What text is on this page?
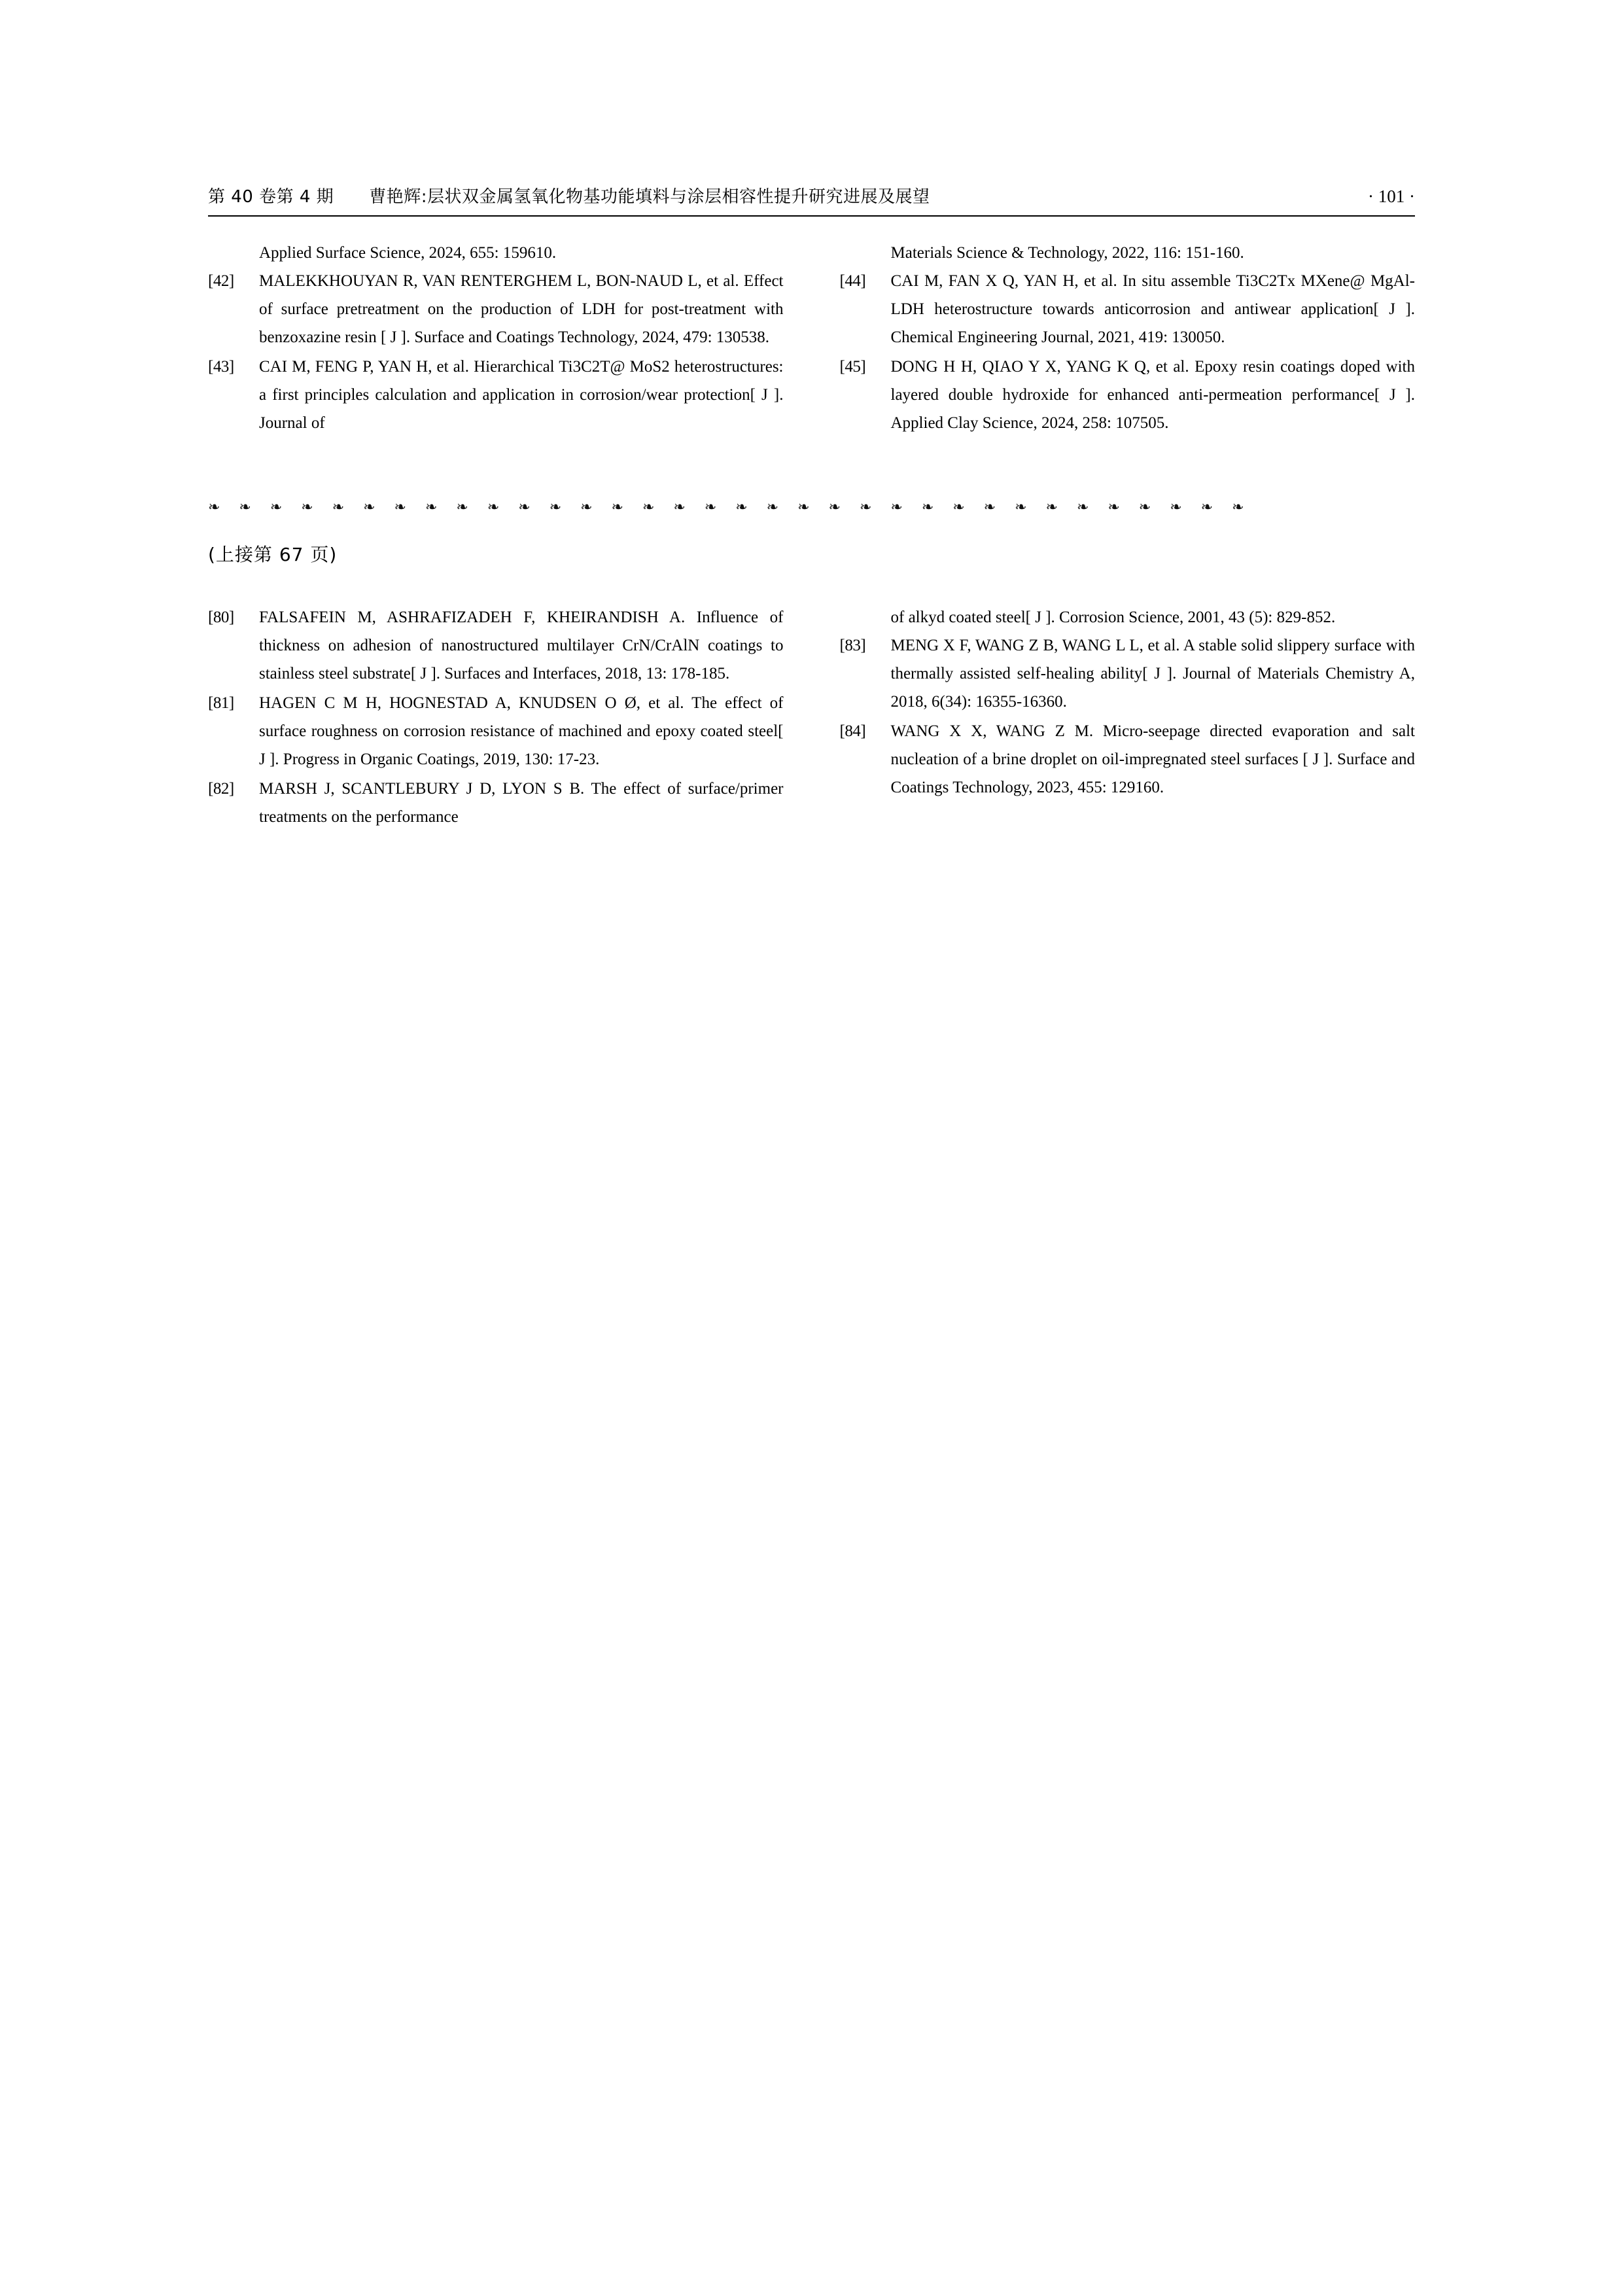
第 40 卷第 4 期 曹艳辉:层状双金属氢氧化物基功能填料与涂层相容性提升研究进展及展望	· 101 ·
Applied Surface Science, 2024, 655: 159610.
[42]	MALEKKHOUYAN R, VAN RENTERGHEM L, BON-NAUD L, et al. Effect of surface pretreatment on the production of LDH for post-treatment with benzoxazine resin [ J ]. Surface and Coatings Technology, 2024, 479: 130538.
[43]	CAI M, FENG P, YAN H, et al. Hierarchical Ti3C2T@ MoS2 heterostructures: a first principles calculation and application in corrosion/wear protection[ J ]. Journal of
Materials Science & Technology, 2022, 116: 151-160.
[44]	CAI M, FAN X Q, YAN H, et al. In situ assemble Ti3C2Tx MXene@ MgAl-LDH heterostructure towards anticorrosion and antiwear application[ J ]. Chemical Engineering Journal, 2021, 419: 130050.
[45]	DONG H H, QIAO Y X, YANG K Q, et al. Epoxy resin coatings doped with layered double hydroxide for enhanced anti-permeation performance[ J ]. Applied Clay Science, 2024, 258: 107505.
❧ ❧ ❧ ❧ ❧ ❧ ❧ ❧ ❧ ❧ ❧ ❧ ❧ ❧ ❧ ❧ ❧ ❧ ❧ ❧ ❧ ❧ ❧ ❧ ❧ ❧ ❧ ❧ ❧ ❧ ❧ ❧ ❧ ❧
(上接第 67 页)
[80]	FALSAFEIN M, ASHRAFIZADEH F, KHEIRANDISH A. Influence of thickness on adhesion of nanostructured multilayer CrN/CrAlN coatings to stainless steel substrate[ J ]. Surfaces and Interfaces, 2018, 13: 178-185.
[81]	HAGEN C M H, HOGNESTAD A, KNUDSEN O Ø, et al. The effect of surface roughness on corrosion resistance of machined and epoxy coated steel[ J ]. Progress in Organic Coatings, 2019, 130: 17-23.
[82]	MARSH J, SCANTLEBURY J D, LYON S B. The effect of surface/primer treatments on the performance
of alkyd coated steel[ J ]. Corrosion Science, 2001, 43 (5): 829-852.
[83]	MENG X F, WANG Z B, WANG L L, et al. A stable solid slippery surface with thermally assisted self-healing ability[ J ]. Journal of Materials Chemistry A, 2018, 6(34): 16355-16360.
[84]	WANG X X, WANG Z M. Micro-seepage directed evaporation and salt nucleation of a brine droplet on oil-impregnated steel surfaces [ J ]. Surface and Coatings Technology, 2023, 455: 129160.
